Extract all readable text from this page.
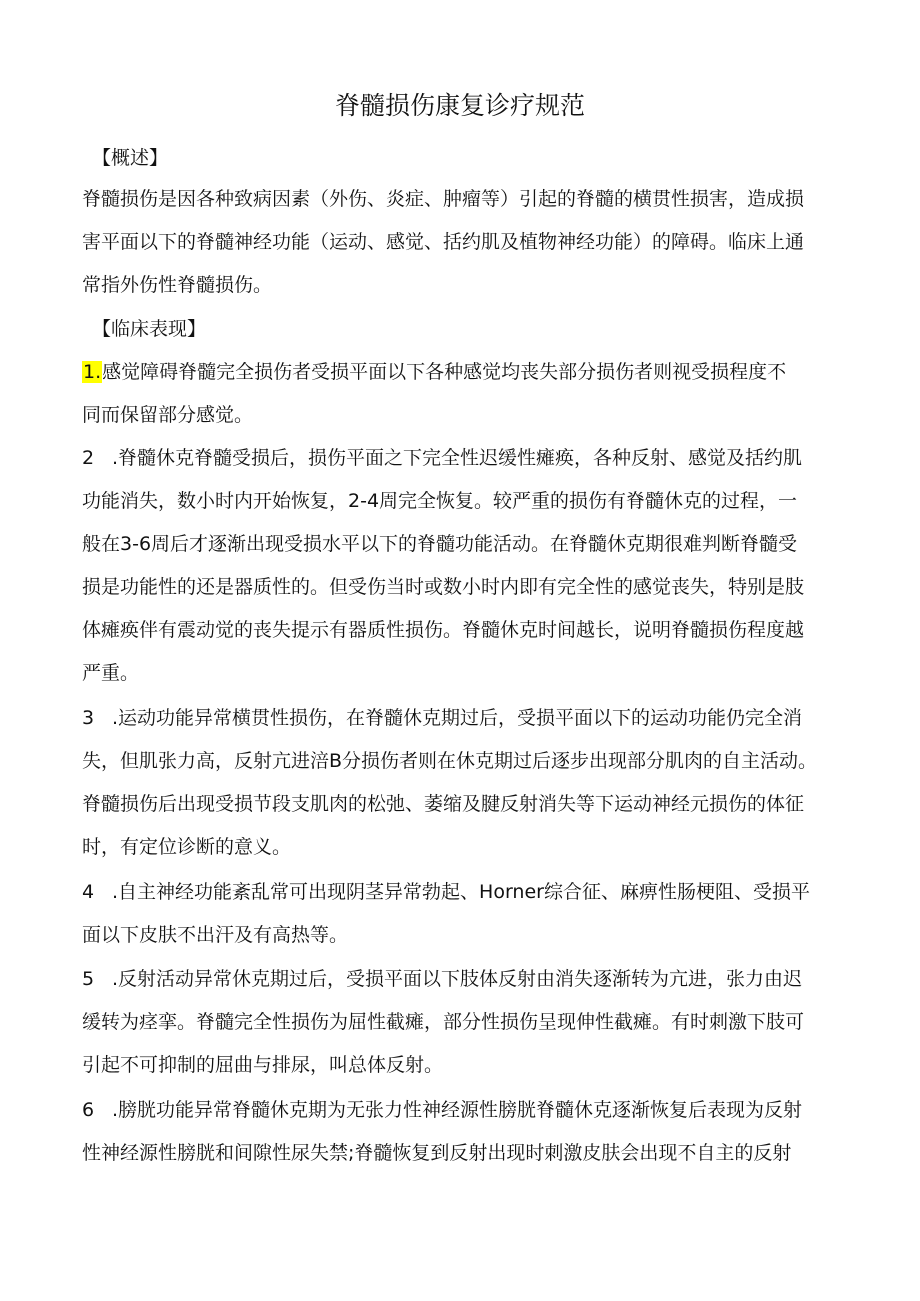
脊髓损伤康复诊疗规范
【概述】
脊髓损伤是因各种致病因素（外伤、炎症、肿瘤等）引起的脊髓的横贯性损害，造成损
害平面以下的脊髓神经功能（运动、感觉、括约肌及植物神经功能）的障碍。临床上通
常指外伤性脊髓损伤。
【临床表现】
1.感觉障碍脊髓完全损伤者受损平面以下各种感觉均丧失部分损伤者则视受损程度不
同而保留部分感觉。
2 .脊髓休克脊髓受损后，损伤平面之下完全性迟缓性瘫痪，各种反射、感觉及括约肌
功能消失，数小时内开始恢复，2-4周完全恢复。较严重的损伤有脊髓休克的过程，一
般在3-6周后才逐渐出现受损水平以下的脊髓功能活动。在脊髓休克期很难判断脊髓受
损是功能性的还是器质性的。但受伤当时或数小时内即有完全性的感觉丧失，特别是肢
体瘫痪伴有震动觉的丧失提示有器质性损伤。脊髓休克时间越长，说明脊髓损伤程度越
严重。
3 .运动功能异常横贯性损伤，在脊髓休克期过后，受损平面以下的运动功能仍完全消
失，但肌张力高，反射亢进涪B分损伤者则在休克期过后逐步出现部分肌肉的自主活动。
脊髓损伤后出现受损节段支肌肉的松弛、萎缩及腱反射消失等下运动神经元损伤的体征
时，有定位诊断的意义。
4 .自主神经功能紊乱常可出现阴茎异常勃起、Horner综合征、麻痹性肠梗阻、受损平
面以下皮肤不出汗及有高热等。
5 .反射活动异常休克期过后，受损平面以下肢体反射由消失逐渐转为亢进，张力由迟
缓转为痉挛。脊髓完全性损伤为屈性截瘫，部分性损伤呈现伸性截瘫。有时刺激下肢可
引起不可抑制的屈曲与排尿，叫总体反射。
6 .膀胱功能异常脊髓休克期为无张力性神经源性膀胱脊髓休克逐渐恢复后表现为反射
性神经源性膀胱和间隙性尿失禁;脊髓恢复到反射出现时刺激皮肤会出现不自主的反射
